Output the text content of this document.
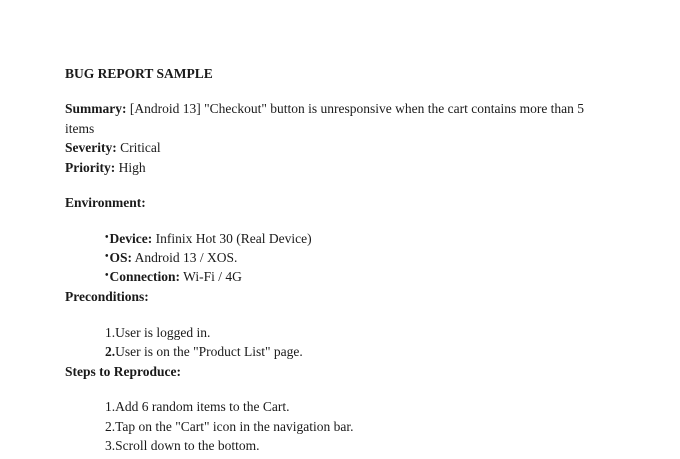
BUG REPORT SAMPLE
Summary: [Android 13] "Checkout" button is unresponsive when the cart contains more than 5
items
Severity: Critical
Priority: High
Environment:
•Device: Infinix Hot 30 (Real Device)
•OS: Android 13 / XOS.
•Connection: Wi-Fi / 4G
Preconditions:
1.User is logged in.
2.User is on the "Product List" page.
Steps to Reproduce:
1.Add 6 random items to the Cart.
2.Tap on the "Cart" icon in the navigation bar.
3.Scroll down to the bottom.
